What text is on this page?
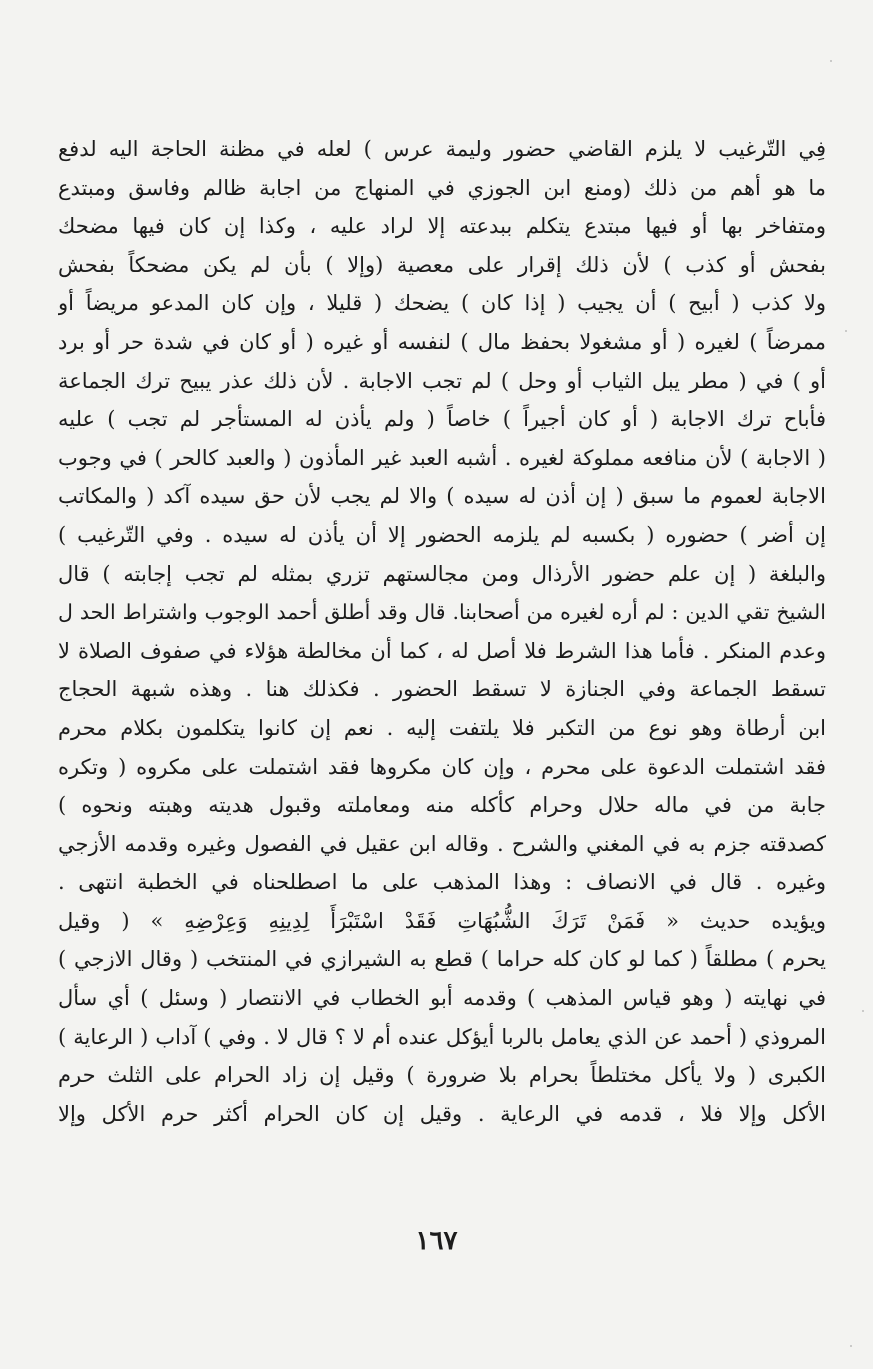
فِي التّرغيب لا يلزم القاضي حضور وليمة عرس ) لعله في مظنة الحاجة اليه لدفع
ما هو أهم من ذلك (ومنع ابن الجوزي في المنهاج من اجابة ظالم وفاسق ومبتدع
ومتفاخر بها أو فيها مبتدع يتكلم ببدعته إلا لراد عليه ، وكذا إن كان فيها مضحك
بفحش أو كذب ) لأن ذلك إقرار على معصية (وإلا ) بأن لم يكن مضحكاً بفحش
ولا كذب ( أبيح ) أن يجيب ( إذا كان ) يضحك ( قليلا ، وإن كان المدعو مريضاً أو
ممرضاً ) لغيره ( أو مشغولا بحفظ مال ) لنفسه أو غيره ( أو كان في شدة حر أو برد
أو ) في ( مطر يبل الثياب أو وحل ) لم تجب الاجابة . لأن ذلك عذر يبيح ترك الجماعة
فأباح ترك الاجابة ( أو كان أجيراً ) خاصاً ( ولم يأذن له المستأجر لم تجب ) عليه
( الاجابة ) لأن منافعه مملوكة لغيره . أشبه العبد غير المأذون ( والعبد كالحر ) في وجوب
الاجابة لعموم ما سبق ( إن أذن له سيده ) والا لم يجب لأن حق سيده آكد ( والمكاتب
إن أضر ) حضوره ( بكسبه لم يلزمه الحضور إلا أن يأذن له سيده . وفي التّرغيب )
والبلغة ( إن علم حضور الأرذال ومن مجالستهم تزري بمثله لم تجب إجابته ) قال
الشيخ تقي الدين : لم أره لغيره من أصحابنا. قال وقد أطلق أحمد الوجوب واشتراط الحد ل
وعدم المنكر . فأما هذا الشرط فلا أصل له ، كما أن مخالطة هؤلاء في صفوف الصلاة لا
تسقط الجماعة وفي الجنازة لا تسقط الحضور . فكذلك هنا . وهذه شبهة الحجاج
ابن أرطاة وهو نوع من التكبر فلا يلتفت إليه . نعم إن كانوا يتكلمون بكلام محرم
فقد اشتملت الدعوة على محرم ، وإن كان مكروها فقد اشتملت على مكروه ( وتكره
جابة من في ماله حلال وحرام كأكله منه ومعاملته وقبول هديته وهبته ونحوه )
كصدقته جزم به في المغني والشرح . وقاله ابن عقيل في الفصول وغيره وقدمه الأزجي
وغيره . قال في الانصاف : وهذا المذهب على ما اصطلحناه في الخطبة انتهى .
ويؤيده حديث « فَمَنْ تَرَكَ الشُّبُهَاتِ فَقَدْ اسْتَبْرَأَ لِدِينِهِ وَعِرْضِهِ » ( وقيل
يحرم ) مطلقاً ( كما لو كان كله حراما ) قطع به الشيرازي في المنتخب ( وقال الازجي )
في نهايته ( وهو قياس المذهب ) وقدمه أبو الخطاب في الانتصار ( وسئل ) أي سأل
المروذي ( أحمد عن الذي يعامل بالربا أيؤكل عنده أم لا ؟ قال لا . وفي ) آداب ( الرعاية )
الكبرى ( ولا يأكل مختلطاً بحرام بلا ضرورة ) وقيل إن زاد الحرام على الثلث حرم
الأكل وإلا فلا ، قدمه في الرعاية . وقيل إن كان الحرام أكثر حرم الأكل وإلا
١٦٧
